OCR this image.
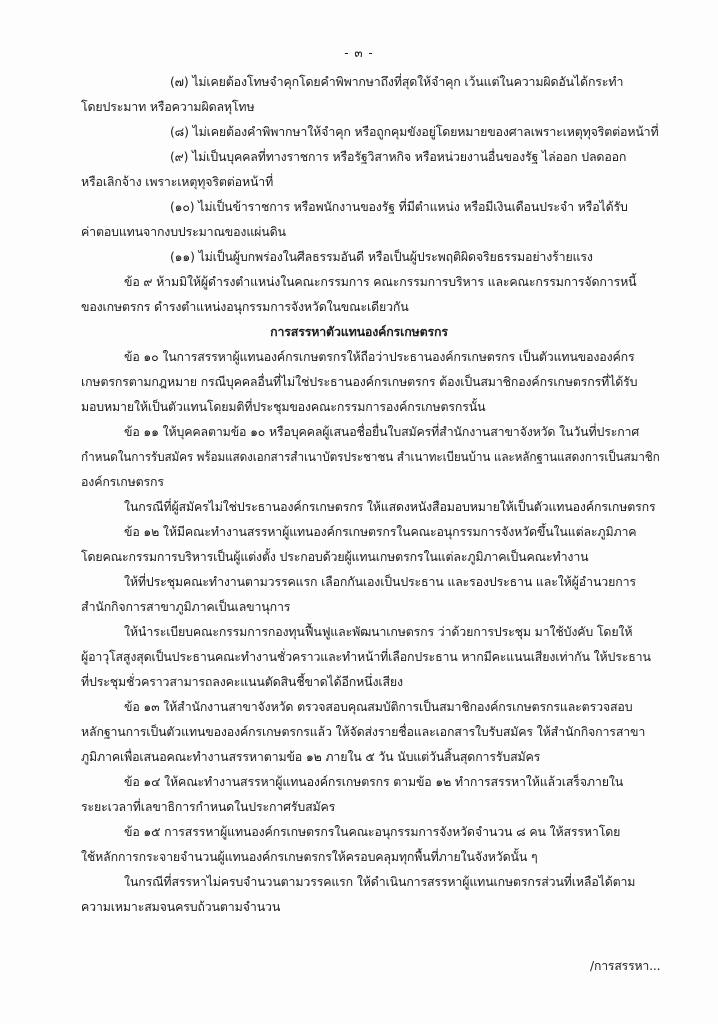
- ๓ -
(๗) ไม่เคยต้องโทษจำคุกโดยคำพิพากษาถึงที่สุดให้จำคุก เว้นแต่ในความผิดอันได้กระทำ
โดยประมาท หรือความผิดลหุโทษ
(๘) ไม่เคยต้องคำพิพากษาให้จำคุก หรือถูกคุมขังอยู่โดยหมายของศาลเพราะเหตุทุจริตต่อหน้าที่
(๙) ไม่เป็นบุคคลที่ทางราชการ หรือรัฐวิสาหกิจ หรือหน่วยงานอื่นของรัฐ ไล่ออก ปลดออก
หรือเลิกจ้าง เพราะเหตุทุจริตต่อหน้าที่
(๑๐) ไม่เป็นข้าราชการ หรือพนักงานของรัฐ ที่มีตำแหน่ง หรือมีเงินเดือนประจำ หรือได้รับ
ค่าตอบแทนจากงบประมาณของแผ่นดิน
(๑๑) ไม่เป็นผู้บกพร่องในศีลธรรมอันดี หรือเป็นผู้ประพฤติผิดจริยธรรมอย่างร้ายแรง
ข้อ ๙ ห้ามมิให้ผู้ดำรงตำแหน่งในคณะกรรมการ คณะกรรมการบริหาร และคณะกรรมการจัดการหนี้
ของเกษตรกร ดำรงตำแหน่งอนุกรรมการจังหวัดในขณะเดียวกัน
การสรรหาตัวแทนองค์กรเกษตรกร
ข้อ ๑๐ ในการสรรหาผู้แทนองค์กรเกษตรกรให้ถือว่าประธานองค์กรเกษตรกร เป็นตัวแทนขององค์กร
เกษตรกรตามกฎหมาย กรณีบุคคลอื่นที่ไม่ใช่ประธานองค์กรเกษตรกร ต้องเป็นสมาชิกองค์กรเกษตรกรที่ได้รับ
มอบหมายให้เป็นตัวแทนโดยมติที่ประชุมของคณะกรรมการองค์กรเกษตรกรนั้น
ข้อ ๑๑ ให้บุคคลตามข้อ ๑๐ หรือบุคคลผู้เสนอชื่อยื่นใบสมัครที่สำนักงานสาขาจังหวัด ในวันที่ประกาศ
กำหนดในการรับสมัคร พร้อมแสดงเอกสารสำเนาบัตรประชาชน สำเนาทะเบียนบ้าน และหลักฐานแสดงการเป็นสมาชิก
องค์กรเกษตรกร
ในกรณีที่ผู้สมัครไม่ใช่ประธานองค์กรเกษตรกร ให้แสดงหนังสือมอบหมายให้เป็นตัวแทนองค์กรเกษตรกร
ข้อ ๑๒ ให้มีคณะทำงานสรรหาผู้แทนองค์กรเกษตรกรในคณะอนุกรรมการจังหวัดขึ้นในแต่ละภูมิภาค
โดยคณะกรรมการบริหารเป็นผู้แต่งตั้ง ประกอบด้วยผู้แทนเกษตรกรในแต่ละภูมิภาคเป็นคณะทำงาน
ให้ที่ประชุมคณะทำงานตามวรรคแรก เลือกกันเองเป็นประธาน และรองประธาน และให้ผู้อำนวยการ
สำนักกิจการสาขาภูมิภาคเป็นเลขานุการ
ให้นำระเบียบคณะกรรมการกองทุนฟื้นฟูและพัฒนาเกษตรกร ว่าด้วยการประชุม มาใช้บังคับ โดยให้
ผู้อาวุโสสูงสุดเป็นประธานคณะทำงานชั่วคราวและทำหน้าที่เลือกประธาน หากมีคะแนนเสียงเท่ากัน ให้ประธาน
ที่ประชุมชั่วคราวสามารถลงคะแนนตัดสินชี้ขาดได้อีกหนึ่งเสียง
ข้อ ๑๓ ให้สำนักงานสาขาจังหวัด ตรวจสอบคุณสมบัติการเป็นสมาชิกองค์กรเกษตรกรและตรวจสอบ
หลักฐานการเป็นตัวแทนขององค์กรเกษตรกรแล้ว ให้จัดส่งรายชื่อและเอกสารใบรับสมัคร ให้สำนักกิจการสาขา
ภูมิภาคเพื่อเสนอคณะทำงานสรรหาตามข้อ ๑๒ ภายใน ๕ วัน นับแต่วันสิ้นสุดการรับสมัคร
ข้อ ๑๔ ให้คณะทำงานสรรหาผู้แทนองค์กรเกษตรกร ตามข้อ ๑๒ ทำการสรรหาให้แล้วเสร็จภายใน
ระยะเวลาที่เลขาธิการกำหนดในประกาศรับสมัคร
ข้อ ๑๕ การสรรหาผู้แทนองค์กรเกษตรกรในคณะอนุกรรมการจังหวัดจำนวน ๘ คน ให้สรรหาโดย
ใช้หลักการกระจายจำนวนผู้แทนองค์กรเกษตรกรให้ครอบคลุมทุกพื้นที่ภายในจังหวัดนั้น ๆ
ในกรณีที่สรรหาไม่ครบจำนวนตามวรรคแรก ให้ดำเนินการสรรหาผู้แทนเกษตรกรส่วนที่เหลือได้ตาม
ความเหมาะสมจนครบถ้วนตามจำนวน
/การสรรหา...
